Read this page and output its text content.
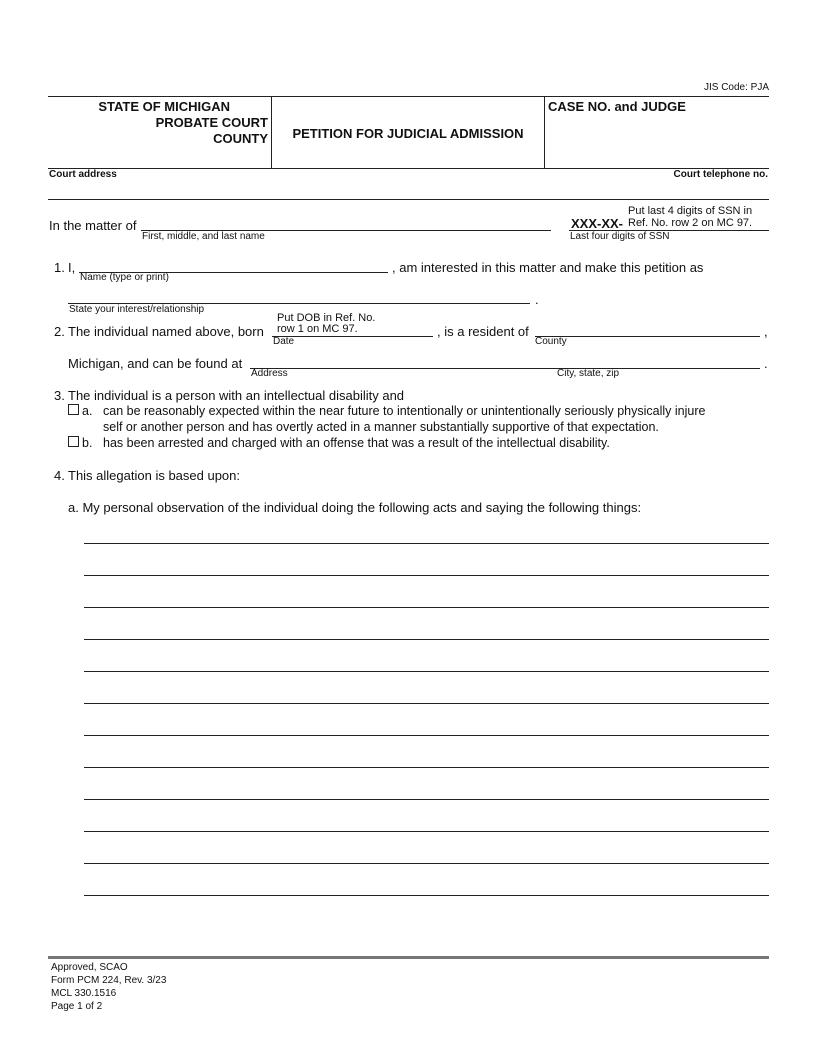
JIS Code: PJA
STATE OF MICHIGAN
PROBATE COURT
COUNTY	PETITION FOR JUDICIAL ADMISSION
CASE NO. and JUDGE
Court address	Court telephone no.
In the matter of
First, middle, and last name
Put last 4 digits of SSN in
XXX-XX- Ref. No. row 2 on MC 97.
Last four digits of SSN
1. I,
Name (type or print)
, am interested in this matter and make this petition as
.
State your interest/relationship
2. The individual named above, born
Put DOB in Ref. No.
row 1 on MC 97.
Date
, is a resident of	,
County
Michigan, and can be found at	.
Address	City, state, zip
3. The individual is a person with an intellectual disability and
a. can be reasonably expected within the near future to intentionally or unintentionally seriously physically injure
self or another person and has overtly acted in a manner substantially supportive of that expectation.
b. has been arrested and charged with an offense that was a result of the intellectual disability.
4. This allegation is based upon:
a. My personal observation of the individual doing the following acts and saying the following things:
Approved, SCAO
Form PCM 224, Rev. 3/23
MCL 330.1516
Page 1 of 2
